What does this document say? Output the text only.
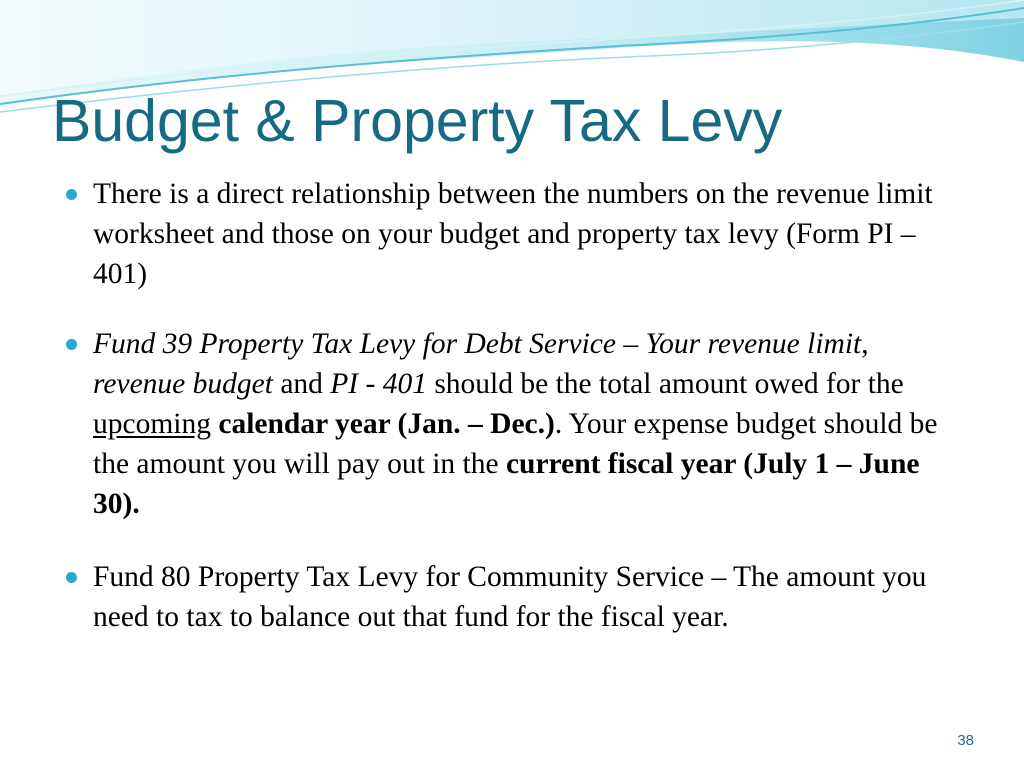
Budget & Property Tax Levy
There is a direct relationship between the numbers on the revenue limit worksheet and those on your budget and property tax levy (Form PI – 401)
Fund 39 Property Tax Levy for Debt Service – Your revenue limit, revenue budget and PI - 401 should be the total amount owed for the upcoming calendar year (Jan. – Dec.). Your expense budget should be the amount you will pay out in the current fiscal year (July 1 – June 30).
Fund 80 Property Tax Levy for Community Service – The amount you need to tax to balance out that fund for the fiscal year.
38
